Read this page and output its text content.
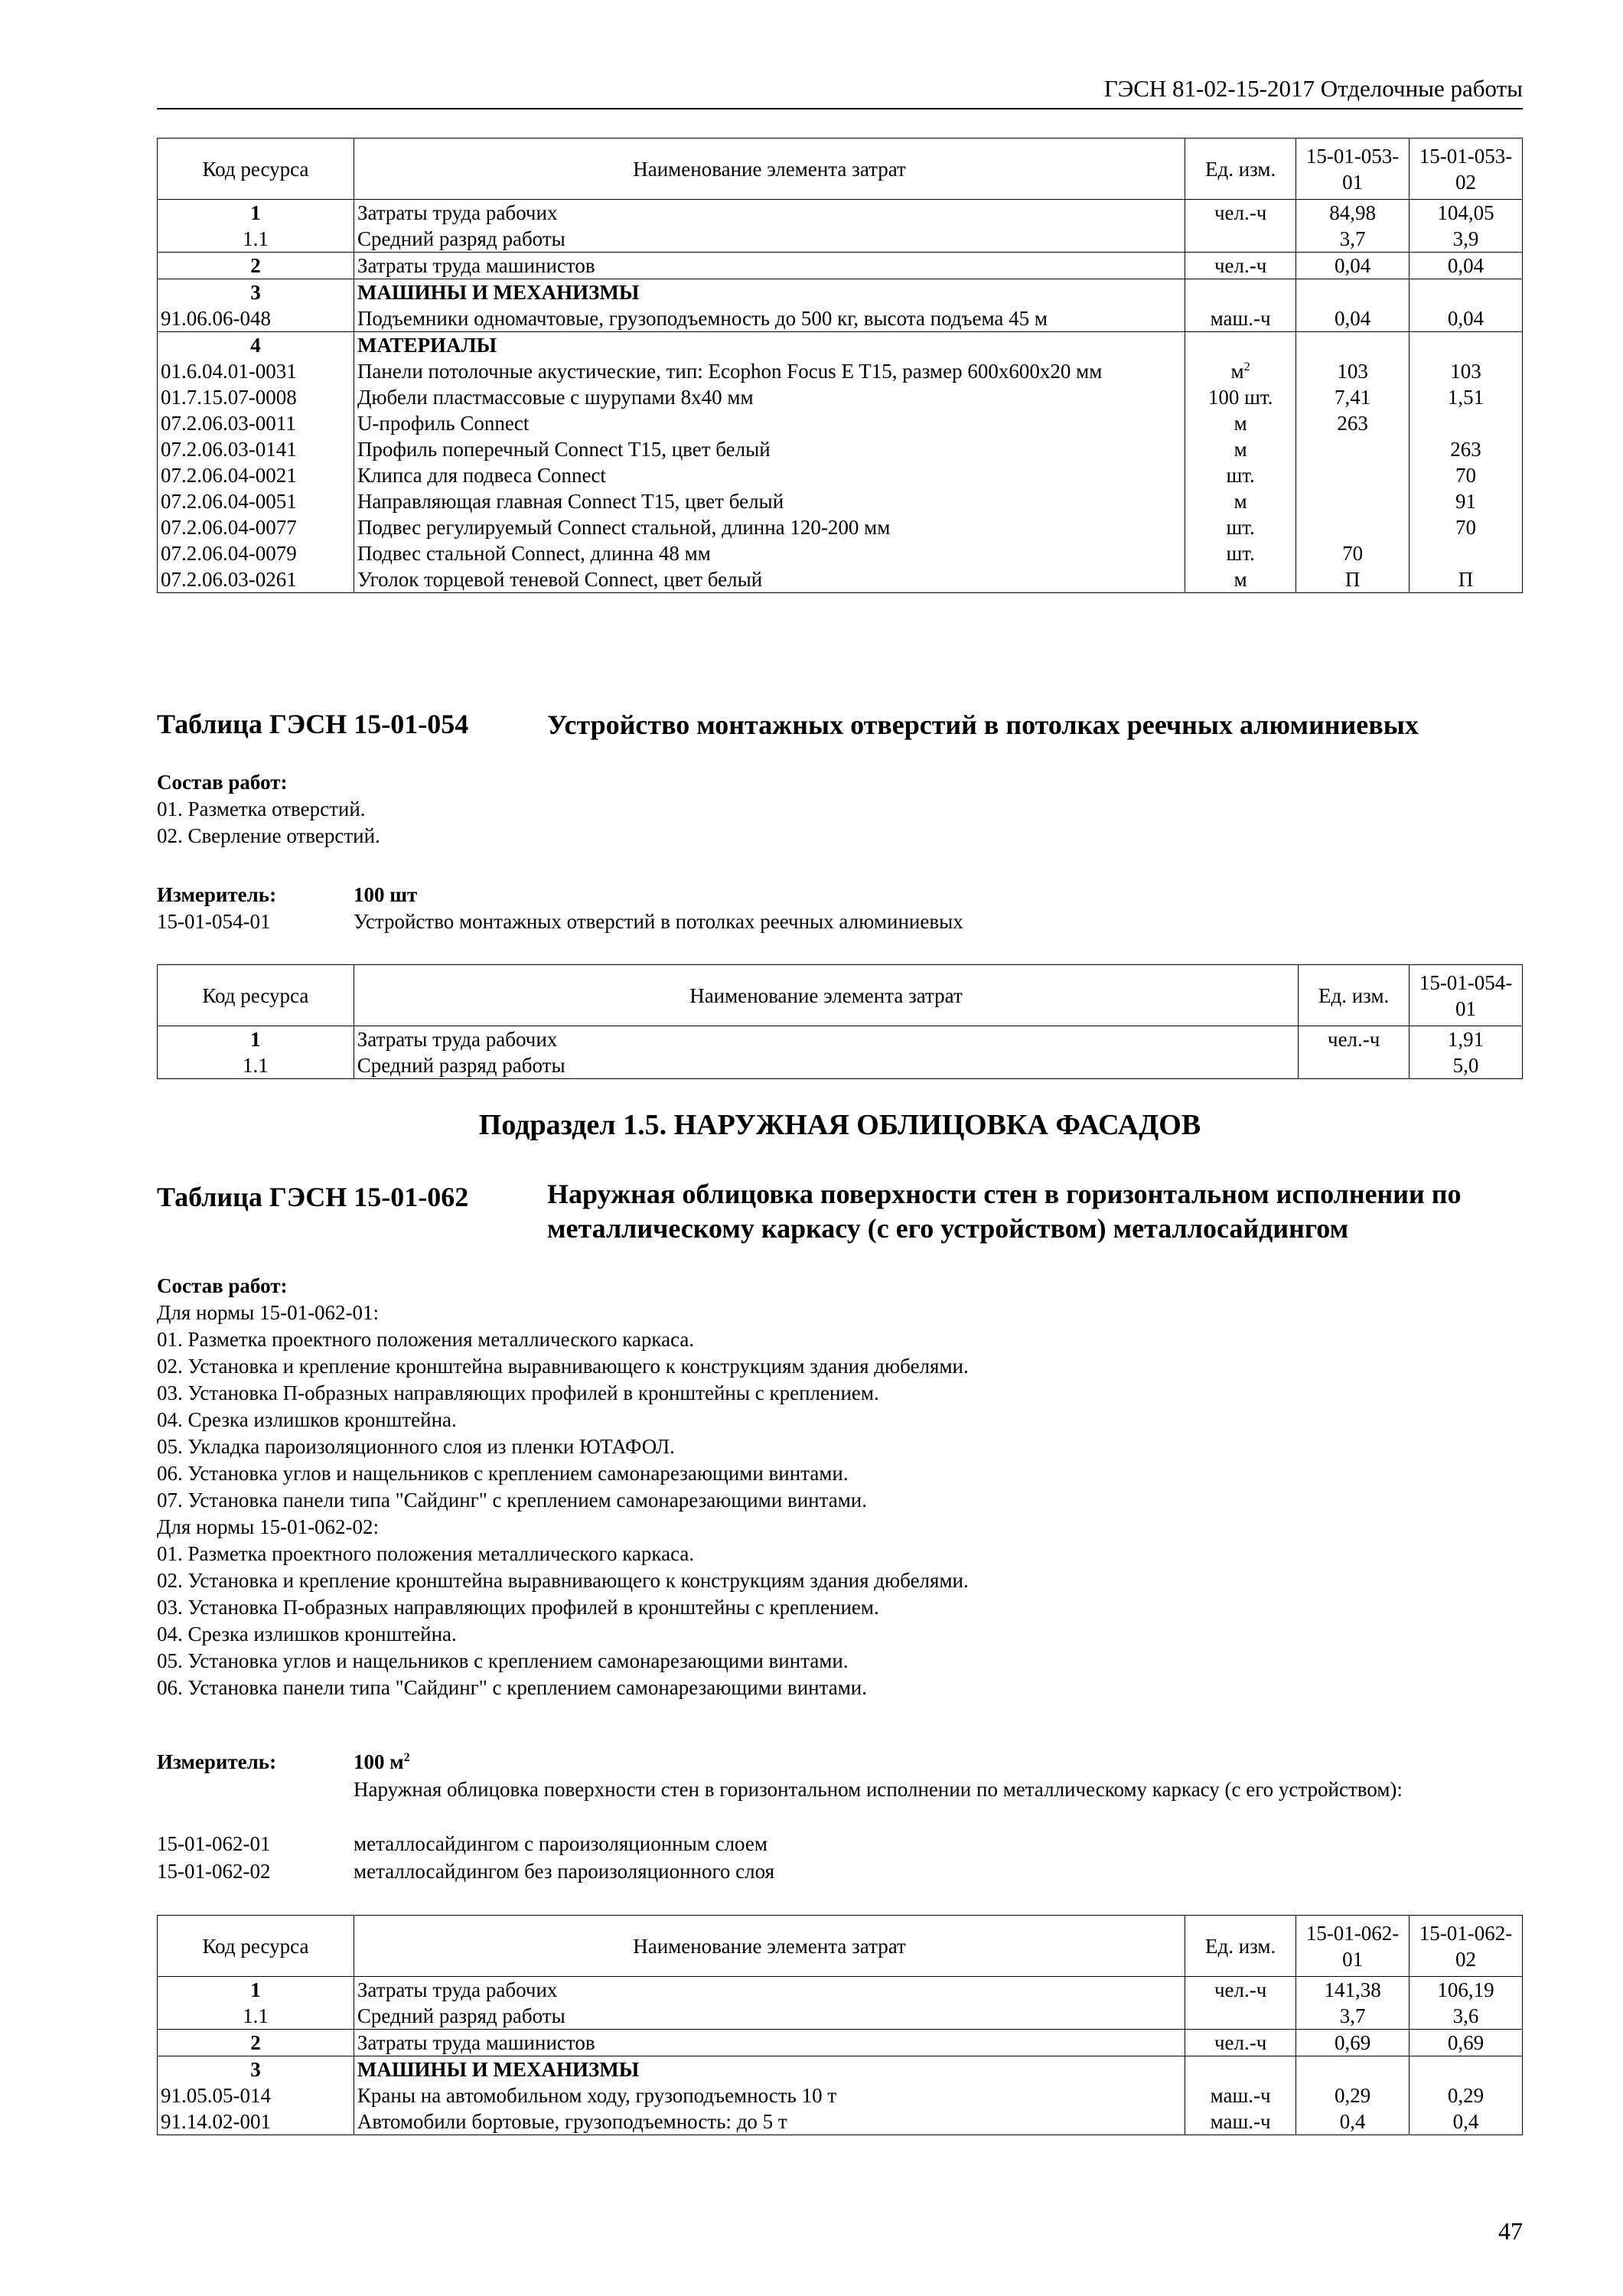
ГЭСН 81-02-15-2017 Отделочные работы
Код ресурса	Наименование элемента затрат	Ед. изм.	15-01-053-01	15-01-053-02
1	Затраты труда рабочих	чел.-ч	84,98	104,05
1.1	Средний разряд работы		3,7	3,9
2	Затраты труда машинистов	чел.-ч	0,04	0,04
3	МАШИНЫ И МЕХАНИЗМЫ			
91.06.06-048	Подъемники одномачтовые, грузоподъемность до 500 кг, высота подъема 45 м	маш.-ч	0,04	0,04
4	МАТЕРИАЛЫ			
01.6.04.01-0031	Панели потолочные акустические, тип: Ecophon Focus E T15, размер 600x600x20 мм	$м^2$	103	103
01.7.15.07-0008	Дюбели пластмассовые с шурупами 8x40 мм	100 шт.	7,41	1,51
07.2.06.03-0011	U-профиль Connect	м	263	
07.2.06.03-0141	Профиль поперечный Connect T15, цвет белый	м		263
07.2.06.04-0021	Клипса для подвеса Connect	шт.		70
07.2.06.04-0051	Направляющая главная Connect T15, цвет белый	м		91
07.2.06.04-0077	Подвес регулируемый Connect стальной, длинна 120-200 мм	шт.		70
07.2.06.04-0079	Подвес стальной Connect, длинна 48 мм	шт.	70	
07.2.06.03-0261	Уголок торцевой теневой Connect, цвет белый	м	П	П
Таблица ГЭСН 15-01-054	Устройство монтажных отверстий в потолках реечных алюминиевых
Состав работ:
01. Разметка отверстий.
02. Сверление отверстий.
Измеритель:	100 шт
15-01-054-01	Устройство монтажных отверстий в потолках реечных алюминиевых
Код ресурса	Наименование элемента затрат	Ед. изм.	15-01-054-01
1	Затраты труда рабочих	чел.-ч	1,91
1.1	Средний разряд работы		5,0
Подраздел 1.5. НАРУЖНАЯ ОБЛИЦОВКА ФАСАДОВ
Таблица ГЭСН 15-01-062	Наружная облицовка поверхности стен в горизонтальном исполнении по металлическому каркасу (с его устройством) металлосайдингом
Состав работ:
Для нормы 15-01-062-01:
01. Разметка проектного положения металлического каркаса.
02. Установка и крепление кронштейна выравнивающего к конструкциям здания дюбелями.
03. Установка П-образных направляющих профилей в кронштейны с креплением.
04. Срезка излишков кронштейна.
05. Укладка пароизоляционного слоя из пленки ЮТАФОЛ.
06. Установка углов и нащельников с креплением самонарезающими винтами.
07. Установка панели типа "Сайдинг" с креплением самонарезающими винтами.
Для нормы 15-01-062-02:
01. Разметка проектного положения металлического каркаса.
02. Установка и крепление кронштейна выравнивающего к конструкциям здания дюбелями.
03. Установка П-образных направляющих профилей в кронштейны с креплением.
04. Срезка излишков кронштейна.
05. Установка углов и нащельников с креплением самонарезающими винтами.
06. Установка панели типа "Сайдинг" с креплением самонарезающими винтами.
Измеритель:	100 $м^2$
Наружная облицовка поверхности стен в горизонтальном исполнении по металлическому каркасу (с его устройством):
15-01-062-01	металлосайдингом с пароизоляционным слоем
15-01-062-02	металлосайдингом без пароизоляционного слоя
Код ресурса	Наименование элемента затрат	Ед. изм.	15-01-062-01	15-01-062-02
1	Затраты труда рабочих	чел.-ч	141,38	106,19
1.1	Средний разряд работы		3,7	3,6
2	Затраты труда машинистов	чел.-ч	0,69	0,69
3	МАШИНЫ И МЕХАНИЗМЫ			
91.05.05-014	Краны на автомобильном ходу, грузоподъемность 10 т	маш.-ч	0,29	0,29
91.14.02-001	Автомобили бортовые, грузоподъемность: до 5 т	маш.-ч	0,4	0,4
47
